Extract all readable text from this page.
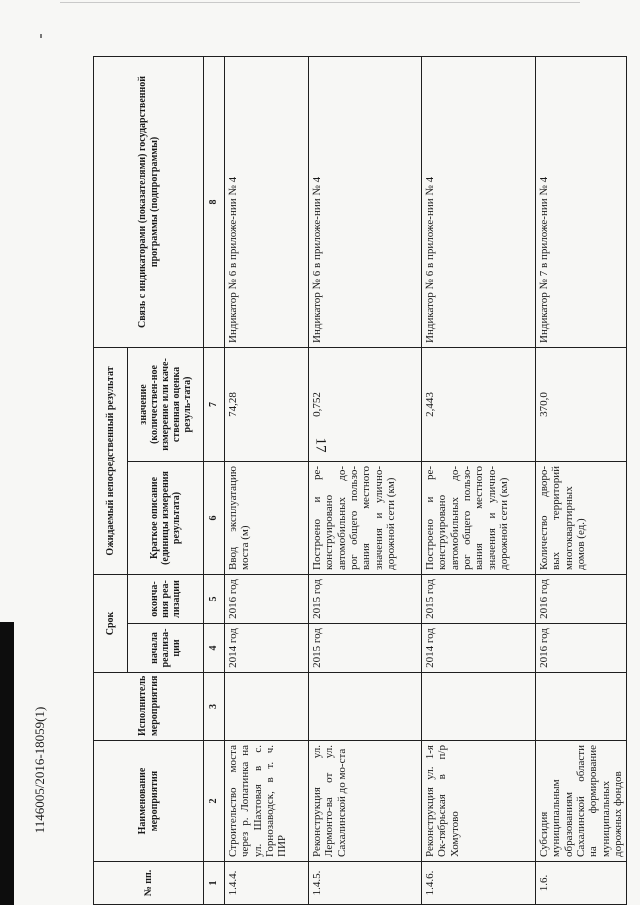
17
1146005/2016-18059(1)
№ пп.	Наименование мероприятия	Исполнитель мероприятия	Срок		Ожидаемый непосредственный результат		Связь с индикаторами (показателями) государственной программы (подпрограммы)
			начала реализа-ции	оконча-ния реа-лизации	Краткое описание (единицы измерения результата)	значение (количествен-ное измерение или каче-ственная оценка резуль-тата)	
1	2	3	4	5	6	7	8
1.4.4.	Строительство моста через р. Лопатинка на ул. Шахтовая в с. Горнозаводск, в т. ч. ПИР		2014 год	2016 год	Ввод эксплуатацию моста (м)	74,28	Индикатор № 6 в приложе-нии № 4
1.4.5.	Реконструкция ул. Лермонто-ва от ул. Сахалинской до мо-ста		2015 год	2015 год	Построено и ре-конструировано автомобильных до-рог общего пользо-вания местного значения и улично-дорожной сети (км)	0,752	Индикатор № 6 в приложе-нии № 4
1.4.6.	Реконструкция ул. 1-я Ок-тябрьская в п/р Хомутово		2014 год	2015 год	Построено и ре-конструировано автомобильных до-рог общего пользо-вания местного значения и улично-дорожной сети (км)	2,443	Индикатор № 6 в приложе-нии № 4
1.6.	Субсидия муниципальным образованиям Сахалинской области на формирование муниципальных дорожных фондов		2016 год	2016 год	Количество дворо-вых территорий многоквартирных домов (ед.)	370,0	Индикатор № 7 в приложе-нии № 4
